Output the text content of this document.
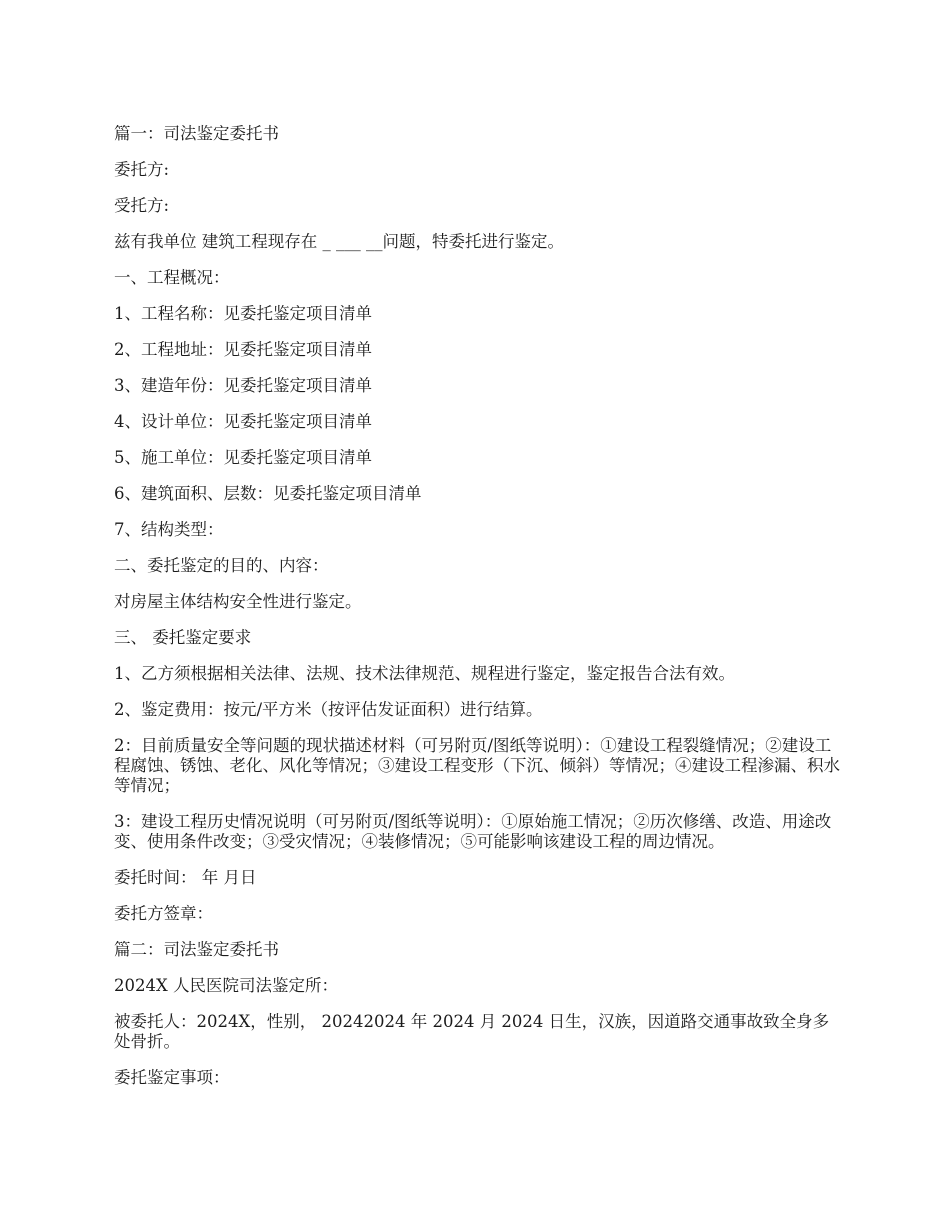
篇一：司法鉴定委托书

委托方:

受托方:

兹有我单位 建筑工程现存在 _ ___ __问题，特委托进行鉴定。

一、工程概况：

1、工程名称：见委托鉴定项目清单

2、工程地址：见委托鉴定项目清单

3、建造年份：见委托鉴定项目清单

4、设计单位：见委托鉴定项目清单

5、施工单位：见委托鉴定项目清单

6、建筑面积、层数：见委托鉴定项目清单

7、结构类型：

二、委托鉴定的目的、内容：

对房屋主体结构安全性进行鉴定。

三、 委托鉴定要求

1、乙方须根据相关法律、法规、技术法律规范、规程进行鉴定，鉴定报告合法有效。

2、鉴定费用：按元/平方米（按评估发证面积）进行结算。

2：目前质量安全等问题的现状描述材料（可另附页/图纸等说明）：①建设工程裂缝情况；②建设工程腐蚀、锈蚀、老化、风化等情况；③建设工程变形（下沉、倾斜）等情况；④建设工程渗漏、积水等情况；

3：建设工程历史情况说明（可另附页/图纸等说明）：①原始施工情况；②历次修缮、改造、用途改变、使用条件改变；③受灾情况；④装修情况；⑤可能影响该建设工程的周边情况。

委托时间： 年 月日

委托方签章：

篇二：司法鉴定委托书

2024X 人民医院司法鉴定所：

被委托人：2024X，性别， 20242024 年 2024 月 2024 日生，汉族，因道路交通事故致全身多处骨折。

委托鉴定事项：
